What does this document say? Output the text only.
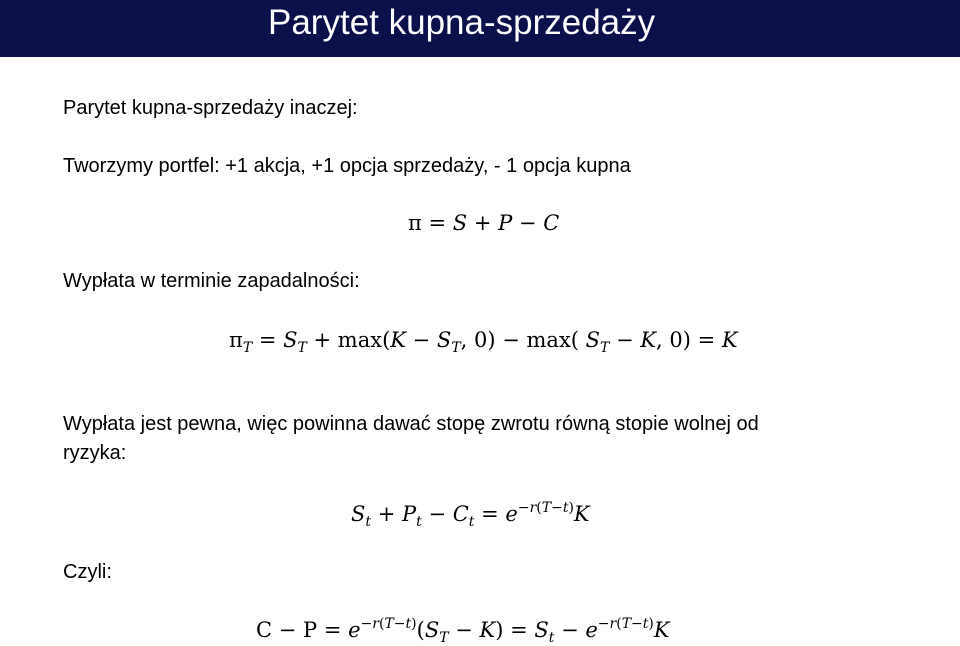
Parytet kupna-sprzedaży
Parytet kupna-sprzedaży inaczej:
Tworzymy portfel: +1 akcja, +1 opcja sprzedaży, - 1 opcja kupna
π = S + P − C
Wypłata w terminie zapadalności:
$\pi_T = S_T + \max(K - S_T$, 0) − max( $S_T - K$, 0) = K
Wypłata jest pewna, więc powinna dawać stopę zwrotu równą stopie wolnej od
ryzyka:
$S_t + P_t - C_t = e^{-r(T-t)}K$
Czyli:
$C - P = e^{-r(T-t)}(S_T - K) = S_t - e^{-r(T-t)}K$
